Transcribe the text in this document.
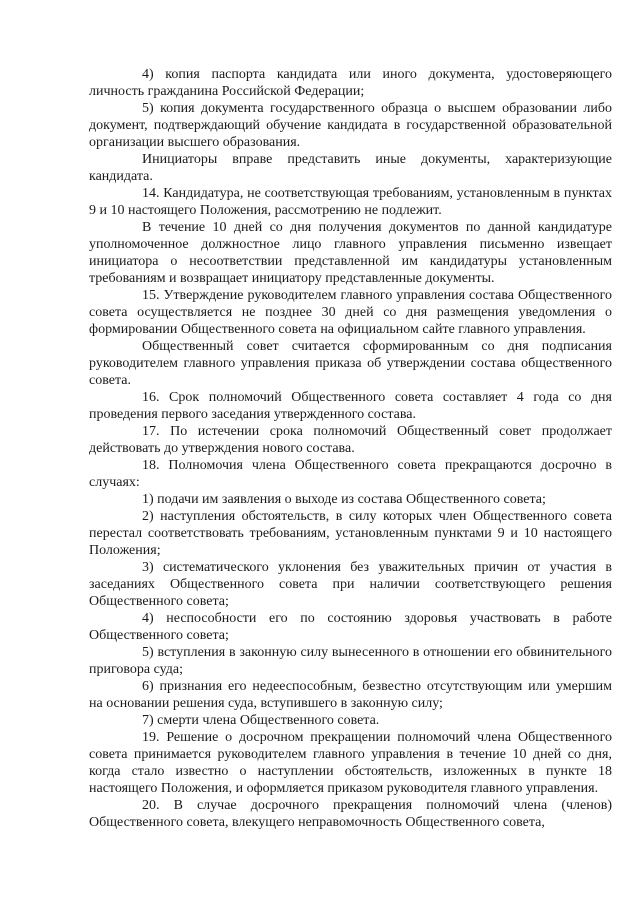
4) копия паспорта кандидата или иного документа, удостоверяющего личность гражданина Российской Федерации;

5) копия документа государственного образца о высшем образовании либо документ, подтверждающий обучение кандидата в государственной образовательной организации высшего образования.

Инициаторы вправе представить иные документы, характеризующие кандидата.

14. Кандидатура, не соответствующая требованиям, установленным в пунктах 9 и 10 настоящего Положения, рассмотрению не подлежит.

В течение 10 дней со дня получения документов по данной кандидатуре уполномоченное должностное лицо главного управления письменно извещает инициатора о несоответствии представленной им кандидатуры установленным требованиям и возвращает инициатору представленные документы.

15. Утверждение руководителем главного управления состава Общественного совета осуществляется не позднее 30 дней со дня размещения уведомления о формировании Общественного совета на официальном сайте главного управления.

Общественный совет считается сформированным со дня подписания руководителем главного управления приказа об утверждении состава общественного совета.

16. Срок полномочий Общественного совета составляет 4 года со дня проведения первого заседания утвержденного состава.

17. По истечении срока полномочий Общественный совет продолжает действовать до утверждения нового состава.

18. Полномочия члена Общественного совета прекращаются досрочно в случаях:

1) подачи им заявления о выходе из состава Общественного совета;

2) наступления обстоятельств, в силу которых член Общественного совета перестал соответствовать требованиям, установленным пунктами 9 и 10 настоящего Положения;

3) систематического уклонения без уважительных причин от участия в заседаниях Общественного совета при наличии соответствующего решения Общественного совета;

4) неспособности его по состоянию здоровья участвовать в работе Общественного совета;

5) вступления в законную силу вынесенного в отношении его обвинительного приговора суда;

6) признания его недееспособным, безвестно отсутствующим или умершим на основании решения суда, вступившего в законную силу;

7) смерти члена Общественного совета.

19. Решение о досрочном прекращении полномочий члена Общественного совета принимается руководителем главного управления в течение 10 дней со дня, когда стало известно о наступлении обстоятельств, изложенных в пункте 18 настоящего Положения, и оформляется приказом руководителя главного управления.

20. В случае досрочного прекращения полномочий члена (членов) Общественного совета, влекущего неправомочность Общественного совета,
